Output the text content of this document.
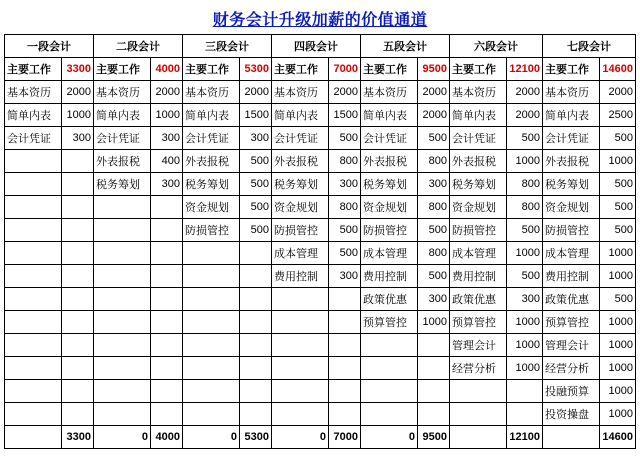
财务会计升级加薪的价值通道
一段会计		二段会计		三段会计		四段会计		五段会计		六段会计		七段会计	
主要工作	3300	主要工作	4000	主要工作	5300	主要工作	7000	主要工作	9500	主要工作	12100	主要工作	14600
基本资历	2000	基本资历	2000	基本资历	2000	基本资历	2000	基本资历	2000	基本资历	2000	基本资历	2000
简单内表	1000	简单内表	1000	简单内表	1500	简单内表	1500	简单内表	2000	简单内表	2000	简单内表	2500
会计凭证	300	会计凭证	300	会计凭证	300	会计凭证	500	会计凭证	500	会计凭证	500	会计凭证	500
		外表报税	400	外表报税	500	外表报税	800	外表报税	800	外表报税	1000	外表报税	1000
		税务筹划	300	税务筹划	500	税务筹划	300	税务筹划	300	税务筹划	800	税务筹划	500
				资金规划	500	资金规划	800	资金规划	800	资金规划	800	资金规划	500
				防损管控	500	防损管控	500	防损管控	500	防损管控	500	防损管控	500
						成本管理	500	成本管理	800	成本管理	1000	成本管理	1000
						费用控制	300	费用控制	500	费用控制	500	费用控制	1000
								政策优惠	300	政策优惠	300	政策优惠	500
								预算管控	1000	预算管控	1000	预算管控	1000
										管理会计	1000	管理会计	1000
										经营分析	1000	经营分析	1000
												投融预算	1000
												投资操盘	1000
	3300	0	4000	0	5300	0	7000	0	9500		12100		14600
